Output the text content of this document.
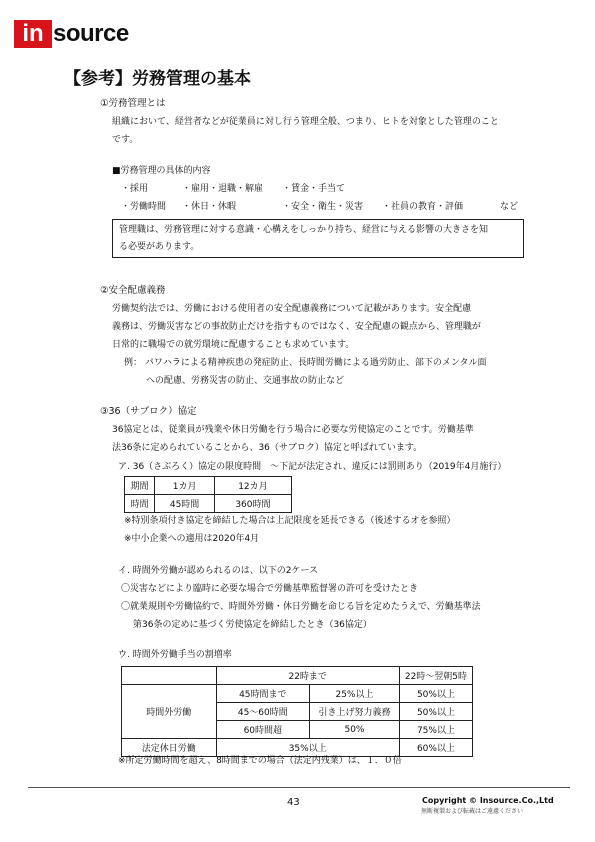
in source
【参考】労務管理の基本
①労務管理とは
組織において、経営者などが従業員に対し行う管理全般、つまり、ヒトを対象とした管理のこと
です。
■労務管理の具体的内容
・採用	・雇用・退職・解雇 ・賃金・手当て
・労働時間 ・休日・休暇	・安全・衛生・災害 ・社員の教育・評価	など
管理職は、労務管理に対する意識・心構えをしっかり持ち、経営に与える影響の大きさを知
る必要があります。
②安全配慮義務
労働契約法では、労働における使用者の安全配慮義務について記載があります。安全配慮
義務は、労働災害などの事故防止だけを指すものではなく、安全配慮の観点から、管理職が
日常的に職場での就労環境に配慮することも求めています。
例： パワハラによる精神疾患の発症防止、長時間労働による過労防止、部下のメンタル面
への配慮、労務災害の防止、交通事故の防止など
③36（サブロク）協定
36協定とは、従業員が残業や休日労働を行う場合に必要な労使協定のことです。労働基準
法36条に定められていることから、36（サブロク）協定と呼ばれています。
ア. 36（さぶろく）協定の限度時間　～下記が法定され、違反には罰則あり（2019年4月施行）
期間	1カ月	12カ月
時間	45時間	360時間
※特別条項付き協定を締結した場合は上記限度を延長できる（後述するオを参照）
※中小企業への適用は2020年4月
イ. 時間外労働が認められるのは、以下の2ケース
〇災害などにより臨時に必要な場合で労働基準監督署の許可を受けたとき
〇就業規則や労働協約で、時間外労働・休日労働を命じる旨を定めたうえで、労働基準法
第36条の定めに基づく労使協定を締結したとき（36協定）
ウ. 時間外労働手当の割増率
	22時まで		22時～翌朝5時
時間外労働	45時間まで	25%以上	50%以上
	45～60時間	引き上げ努力義務	50%以上
	60時間超	50%	75%以上
法定休日労働	35%以上		60%以上
※所定労働時間を超え、8時間までの場合（法定内残業）は、１．０倍
43	Copyright © Insource.Co.,Ltd
無断複製および転載はご遠慮ください
